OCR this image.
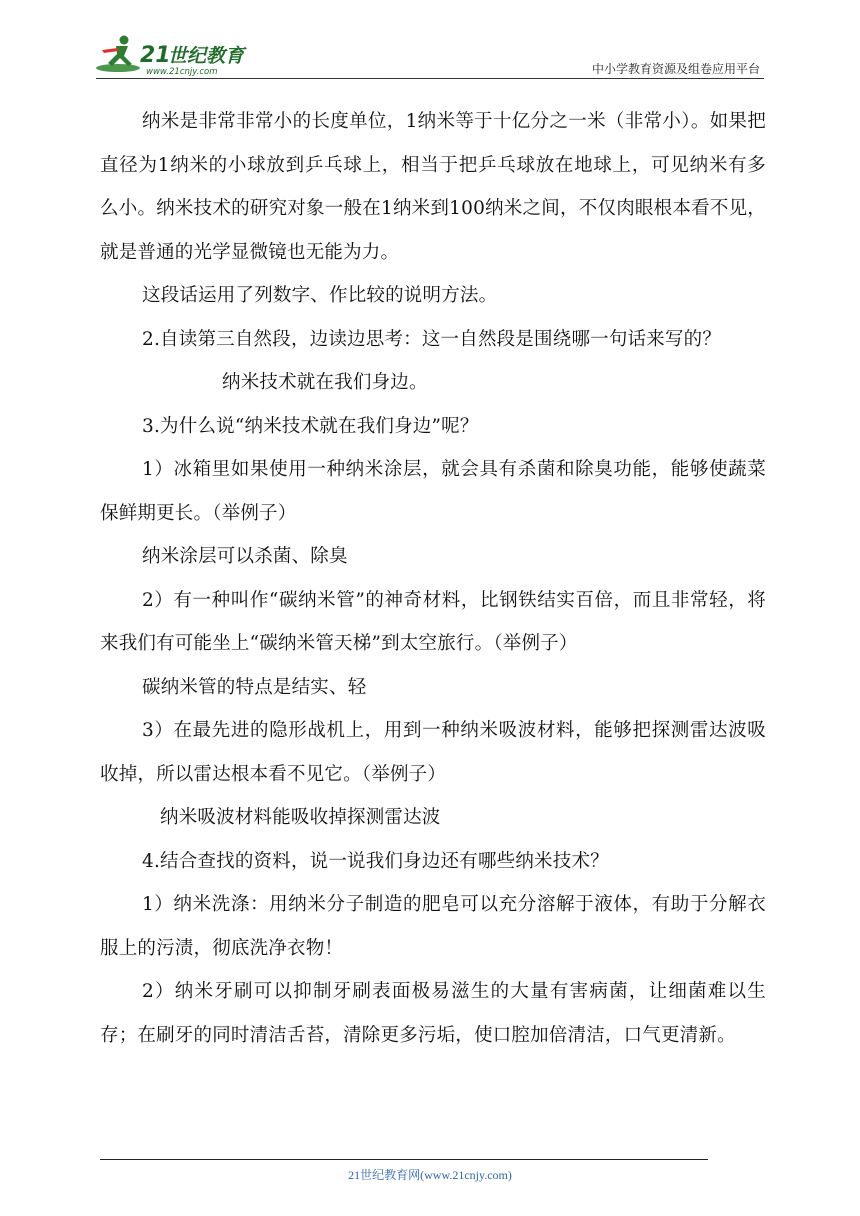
21
世纪教育
www.21cnjy.com	中小学教育资源及组卷应用平台

纳米是非常非常小的长度单位，1纳米等于十亿分之一米（非常小）。如果把直径为1纳米的小球放到乒乓球上，相当于把乒乓球放在地球上，可见纳米有多么小。纳米技术的研究对象一般在1纳米到100纳米之间，不仅肉眼根本看不见，就是普通的光学显微镜也无能为力。

这段话运用了列数字、作比较的说明方法。

2.自读第三自然段，边读边思考：这一自然段是围绕哪一句话来写的？

纳米技术就在我们身边。

3.为什么说“纳米技术就在我们身边”呢？

1）冰箱里如果使用一种纳米涂层，就会具有杀菌和除臭功能，能够使蔬菜保鲜期更长。（举例子）

纳米涂层可以杀菌、除臭

2）有一种叫作“碳纳米管”的神奇材料，比钢铁结实百倍，而且非常轻，将来我们有可能坐上“碳纳米管天梯”到太空旅行。（举例子）

碳纳米管的特点是结实、轻

3）在最先进的隐形战机上，用到一种纳米吸波材料，能够把探测雷达波吸收掉，所以雷达根本看不见它。（举例子）

纳米吸波材料能吸收掉探测雷达波

4.结合查找的资料，说一说我们身边还有哪些纳米技术？

1）纳米洗涤：用纳米分子制造的肥皂可以充分溶解于液体，有助于分解衣服上的污渍，彻底洗净衣物！

2）纳米牙刷可以抑制牙刷表面极易滋生的大量有害病菌，让细菌难以生存；在刷牙的同时清洁舌苔，清除更多污垢，使口腔加倍清洁，口气更清新。

21世纪教育网(www.21cnjy.com)
